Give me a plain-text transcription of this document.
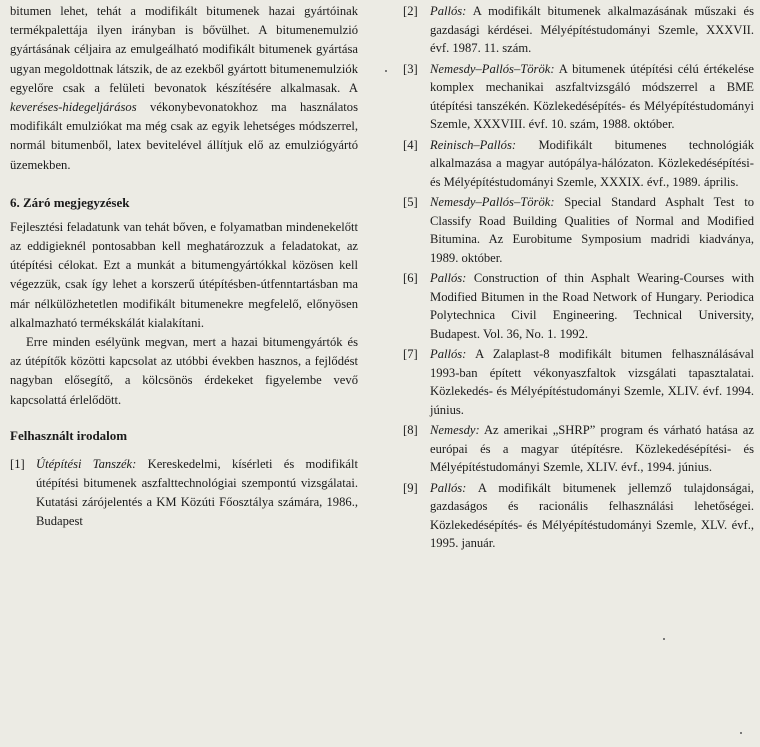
bitumen lehet, tehát a modifikált bitumenek hazai gyártóinak termékpalettája ilyen irányban is bővülhet. A bitumenemulzió gyártásának céljaira az emulgeálható modifikált bitumenek gyártása ugyan megoldottnak látszik, de az ezekből gyártott bitumenemulziók egyelőre csak a felületi bevonatok készítésére alkalmasak. A keveréses-hidegeljárásos vékonybevonatokhoz ma használatos modifikált emulziókat ma még csak az egyik lehetséges módszerrel, normál bitumenből, latex bevitelével állítjuk elő az emulziógyártó üzemekben.

6. Záró megjegyzések

Fejlesztési feladatunk van tehát bőven, e folyamatban mindenekelőtt az eddigieknél pontosabban kell meghatározzuk a feladatokat, az útépítési célokat. Ezt a munkát a bitumengyártókkal közösen kell végezzük, csak így lehet a korszerű útépítésben-útfenntartásban ma már nélkülözhetetlen modifikált bitumenekre megfelelő, előnyösen alkalmazható termékskálát kialakítani.

Erre minden esélyünk megvan, mert a hazai bitumengyártók és az útépítők közötti kapcsolat az utóbbi években hasznos, a fejlődést nagyban elősegítő, a kölcsönös érdekeket figyelembe vevő kapcsolattá érlelődött.

Felhasznált irodalom
[1] Útépítési Tanszék: Kereskedelmi, kísérleti és modifikált útépítési bitumenek aszfalttechnológiai szempontú vizsgálatai. Kutatási zárójelentés a KM Közúti Főosztálya számára, 1986., Budapest
[2] Pallós: A modifikált bitumenek alkalmazásának műszaki és gazdasági kérdései. Mélyépítéstudományi Szemle, XXXVII. évf. 1987. 11. szám.
[3] Nemesdy–Pallós–Török: A bitumenek útépítési célú értékelése komplex mechanikai aszfaltvizsgáló módszerrel a BME útépítési tanszékén. Közlekedésépítés- és Mélyépítéstudományi Szemle, XXXVIII. évf. 10. szám, 1988. október.
[4] Reinisch–Pallós: Modifikált bitumenes technológiák alkalmazása a magyar autópálya-hálózaton. Közlekedésépítési- és Mélyépítéstudományi Szemle, XXXIX. évf., 1989. április.
[5] Nemesdy–Pallós–Török: Special Standard Asphalt Test to Classify Road Building Qualities of Normal and Modified Bitumina. Az Eurobitume Symposium madridi kiadványa, 1989. október.
[6] Pallós: Construction of thin Asphalt Wearing-Courses with Modified Bitumen in the Road Network of Hungary. Periodica Polytechnica Civil Engineering. Technical University, Budapest. Vol. 36, No. 1. 1992.
[7] Pallós: A Zalaplast-8 modifikált bitumen felhasználásával 1993-ban épített vékonyaszfaltok vizsgálati tapasztalatai. Közlekedés- és Mélyépítéstudományi Szemle, XLIV. évf. 1994. június.
[8] Nemesdy: Az amerikai „SHRP” program és várható hatása az európai és a magyar útépítésre. Közlekedésépítési- és Mélyépítéstudományi Szemle, XLIV. évf., 1994. június.
[9] Pallós: A modifikált bitumenek jellemző tulajdonságai, gazdaságos és racionális felhasználási lehetőségei. Közlekedésépítés- és Mélyépítéstudományi Szemle, XLV. évf., 1995. január.
